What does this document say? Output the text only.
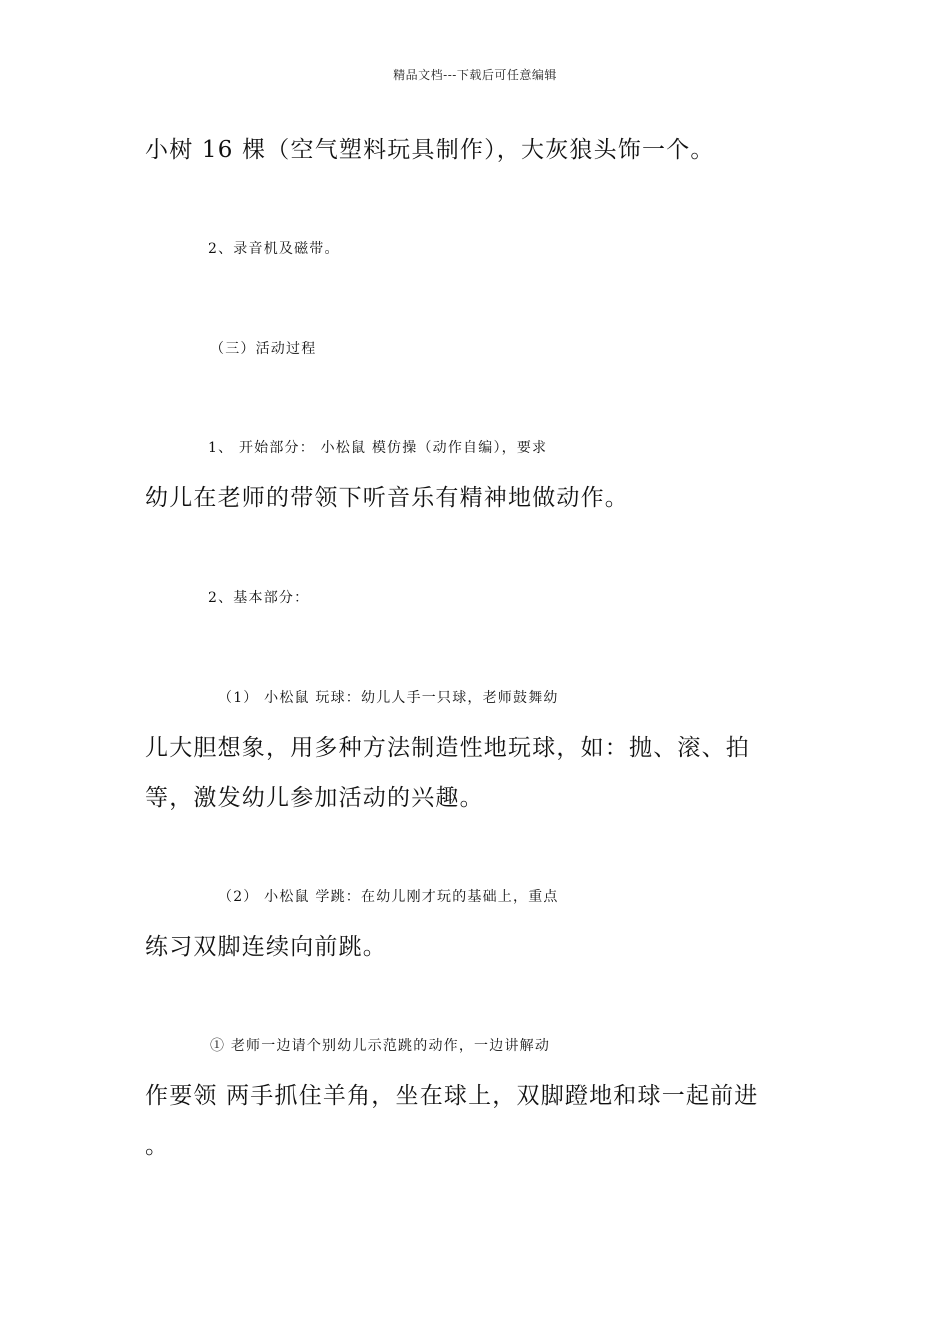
精品文档---下载后可任意编辑
小树 16 棵（空气塑料玩具制作），大灰狼头饰一个。
2、录音机及磁带。
（三）活动过程
1、 开始部分： 小松鼠 模仿操（动作自编），要求
幼儿在老师的带领下听音乐有精神地做动作。
2、基本部分：
（1） 小松鼠 玩球：幼儿人手一只球，老师鼓舞幼
儿大胆想象，用多种方法制造性地玩球，如：抛、滚、拍
等，激发幼儿参加活动的兴趣。
（2） 小松鼠 学跳：在幼儿刚才玩的基础上，重点
练习双脚连续向前跳。
① 老师一边请个别幼儿示范跳的动作，一边讲解动
作要领 两手抓住羊角，坐在球上，双脚蹬地和球一起前进
。
